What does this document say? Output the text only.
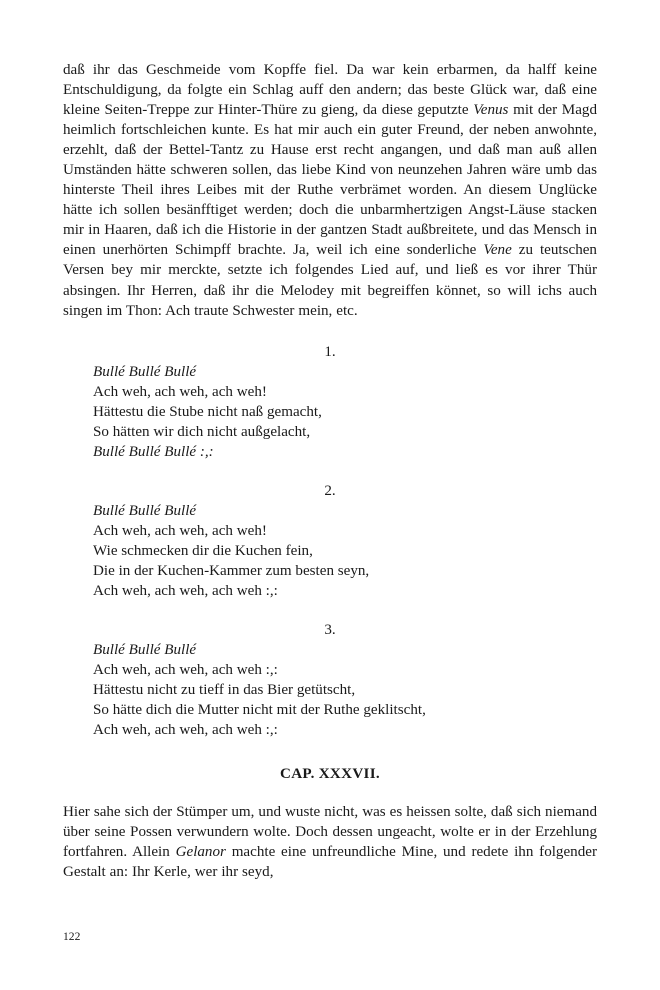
daß ihr das Geschmeide vom Kopffe fiel. Da war kein erbarmen, da halff keine Entschuldigung, da folgte ein Schlag auff den andern; das beste Glück war, daß eine kleine Seiten-Treppe zur Hinter-Thüre zu gieng, da diese geputzte Venus mit der Magd heimlich fortschleichen kunte. Es hat mir auch ein guter Freund, der neben anwohnte, erzehlt, daß der Bettel-Tantz zu Hause erst recht angangen, und daß man auß allen Umständen hätte schweren sollen, das liebe Kind von neunzehen Jahren wäre umb das hinterste Theil ihres Leibes mit der Ruthe verbrämet worden. An diesem Unglücke hätte ich sollen besänfftiget werden; doch die unbarmhertzigen Angst-Läuse stacken mir in Haaren, daß ich die Historie in der gantzen Stadt außbreitete, und das Mensch in einen unerhörten Schimpff brachte. Ja, weil ich eine sonderliche Vene zu teutschen Versen bey mir merckte, setzte ich folgendes Lied auf, und ließ es vor ihrer Thür absingen. Ihr Herren, daß ihr die Melodey mit begreiffen könnet, so will ichs auch singen im Thon: Ach traute Schwester mein, etc.

1.

Bullé Bullé Bullé
Ach weh, ach weh, ach weh!
Hättestu die Stube nicht naß gemacht,
So hätten wir dich nicht außgelacht,
Bullé Bullé Bullé :,:

2.

Bullé Bullé Bullé
Ach weh, ach weh, ach weh!
Wie schmecken dir die Kuchen fein,
Die in der Kuchen-Kammer zum besten seyn,
Ach weh, ach weh, ach weh :,:

3.

Bullé Bullé Bullé
Ach weh, ach weh, ach weh :,:
Hättestu nicht zu tieff in das Bier getütscht,
So hätte dich die Mutter nicht mit der Ruthe geklitscht,
Ach weh, ach weh, ach weh :,:

CAP. XXXVII.

Hier sahe sich der Stümper um, und wuste nicht, was es heissen solte, daß sich niemand über seine Possen verwundern wolte. Doch dessen ungeacht, wolte er in der Erzehlung fortfahren. Allein Gelanor machte eine unfreundliche Mine, und redete ihn folgender Gestalt an: Ihr Kerle, wer ihr seyd,

122
